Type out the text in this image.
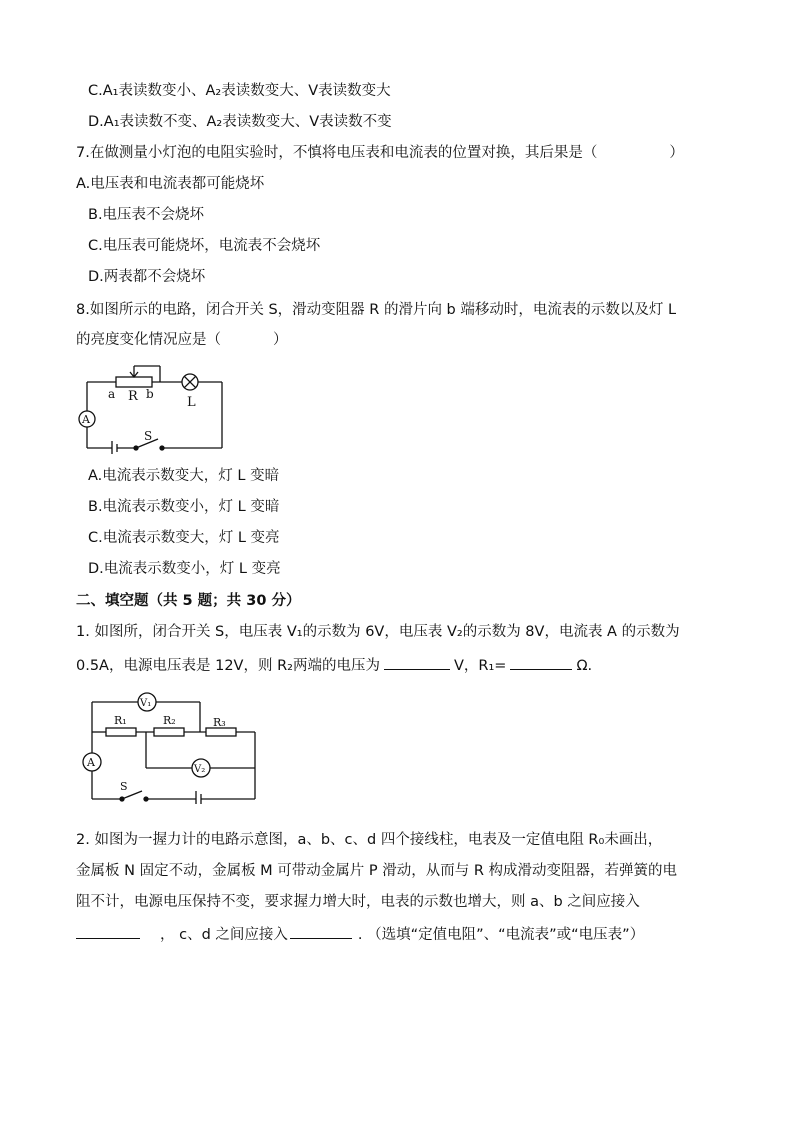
C.A₁表读数变小、A₂表读数变大、V表读数变大
D.A₁表读数不变、A₂表读数变大、V表读数不变
7.在做测量小灯泡的电阻实验时，不慎将电压表和电流表的位置对换，其后果是（	）
A.电压表和电流表都可能烧坏
B.电压表不会烧坏
C.电压表可能烧坏，电流表不会烧坏
D.两表都不会烧坏
8.如图所示的电路，闭合开关 S，滑动变阻器 R 的滑片向 b 端移动时，电流表的示数以及灯 L
的亮度变化情况应是（	）
a R b
L
A
S
A.电流表示数变大，灯 L 变暗
B.电流表示数变小，灯 L 变暗
C.电流表示数变大，灯 L 变亮
D.电流表示数变小，灯 L 变亮
二、填空题（共 5 题；共 30 分）
1. 如图所，闭合开关 S，电压表 V₁的示数为 6V，电压表 V₂的示数为 8V，电流表 A 的示数为
0.5A，电源电压表是 12V，则 R₂两端的电压为	V，R₁=	Ω.
V₁
R₁	R₂	R₃
V₂
A
S
2. 如图为一握力计的电路示意图，a、b、c、d 四个接线柱，电表及一定值电阻 R₀未画出，
金属板 N 固定不动，金属板 M 可带动金属片 P 滑动，从而与 R 构成滑动变阻器，若弹簧的电
阻不计，电源电压保持不变，要求握力增大时，电表的示数也增大，则 a、b 之间应接入
， c、d 之间应接入	. （选填“定值电阻”、“电流表”或“电压表”）
